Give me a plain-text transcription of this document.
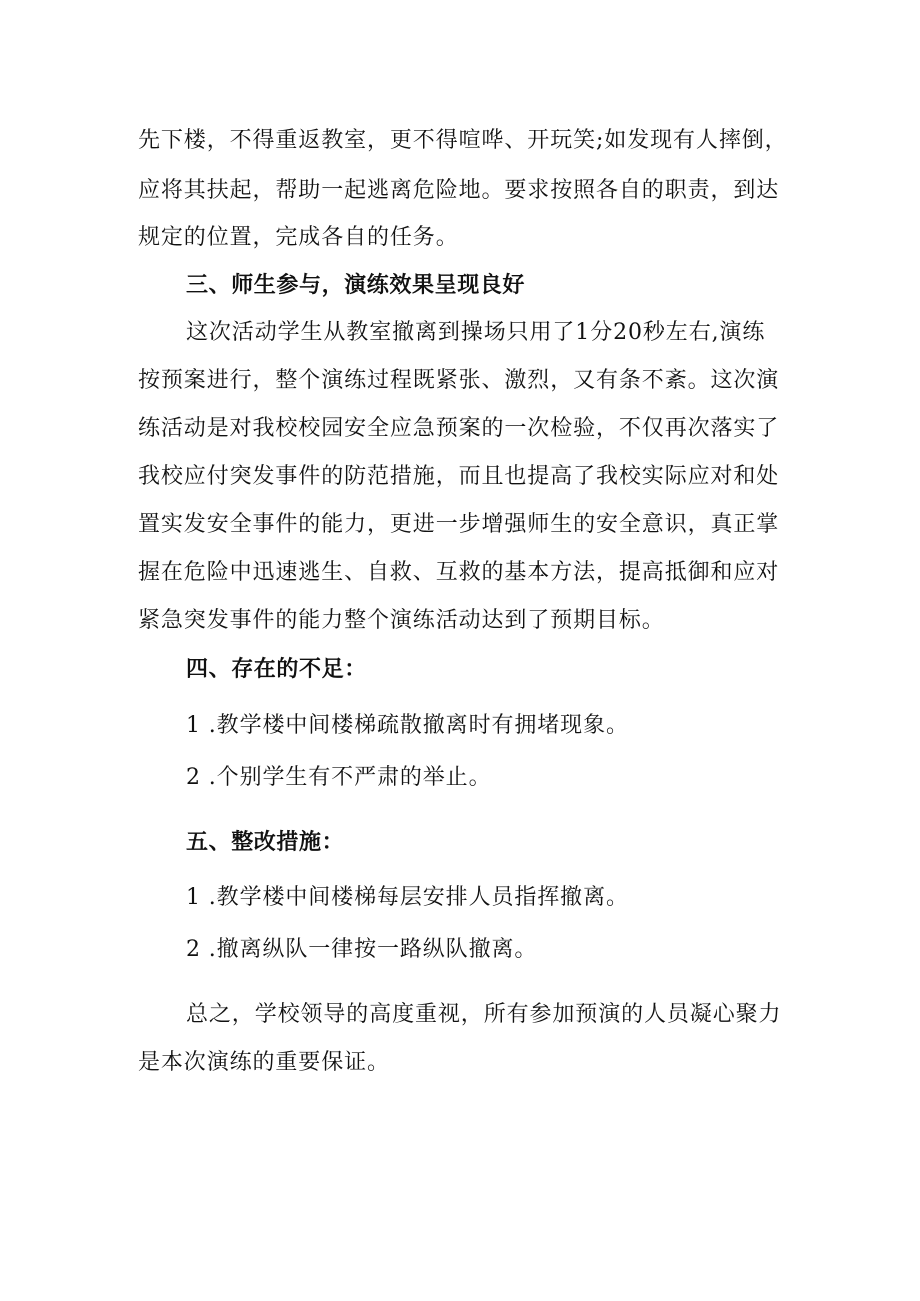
先下楼，不得重返教室，更不得喧哗、开玩笑;如发现有人摔倒，
应将其扶起，帮助一起逃离危险地。要求按照各自的职责，到达
规定的位置，完成各自的任务。
三、师生参与，演练效果呈现良好
这次活动学生从教室撤离到操场只用了1分20秒左右,演练
按预案进行，整个演练过程既紧张、激烈，又有条不紊。这次演
练活动是对我校校园安全应急预案的一次检验，不仅再次落实了
我校应付突发事件的防范措施，而且也提高了我校实际应对和处
置实发安全事件的能力，更进一步增强师生的安全意识，真正掌
握在危险中迅速逃生、自救、互救的基本方法，提高抵御和应对
紧急突发事件的能力整个演练活动达到了预期目标。
四、存在的不足：
1 .教学楼中间楼梯疏散撤离时有拥堵现象。
2 .个别学生有不严肃的举止。
五、整改措施：
1 .教学楼中间楼梯每层安排人员指挥撤离。
2 .撤离纵队一律按一路纵队撤离。
总之，学校领导的高度重视，所有参加预演的人员凝心聚力
是本次演练的重要保证。
